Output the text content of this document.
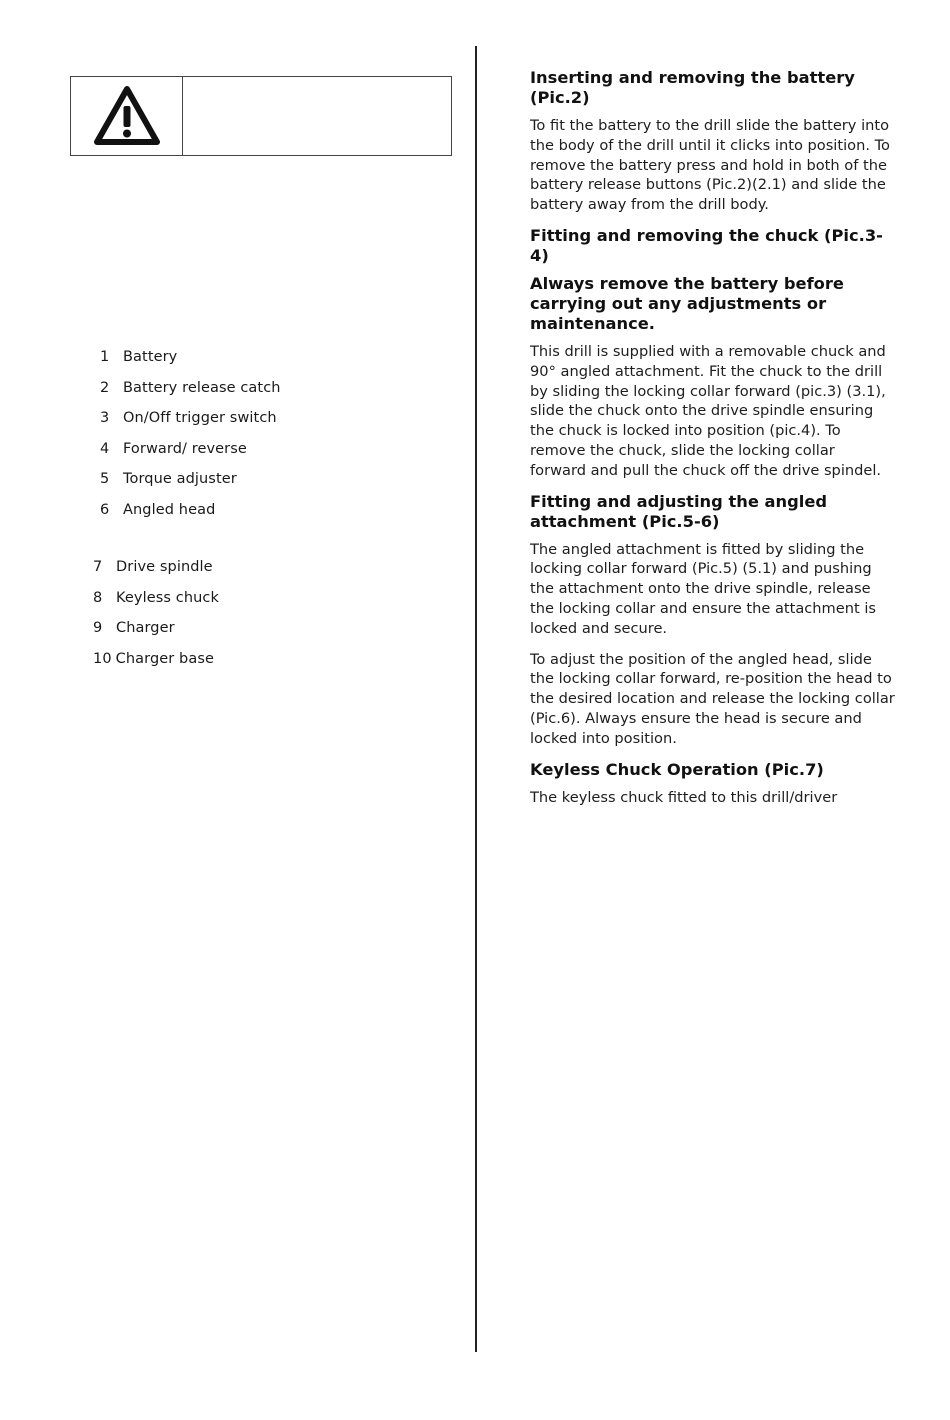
1 Battery
2 Battery release catch
3 On/Off trigger switch
4 Forward/ reverse
5 Torque adjuster
6 Angled head
7 Drive spindle
8 Keyless chuck
9 Charger
10 Charger base
Inserting and removing the battery (Pic.2)

To fit the battery to the drill slide the battery into the body of the drill until it clicks into position. To remove the battery press and hold in both of the battery release buttons (Pic.2)(2.1) and slide the battery away from the drill body.

Fitting and removing the chuck (Pic.3-4)
Always remove the battery before carrying out any adjustments or maintenance.

This drill is supplied with a removable chuck and 90° angled attachment. Fit the chuck to the drill by sliding the locking collar forward (pic.3) (3.1), slide the chuck onto the drive spindle ensuring the chuck is locked into position (pic.4). To remove the chuck, slide the locking collar forward and pull the chuck off the drive spindel.

Fitting and adjusting the angled attachment (Pic.5-6)

The angled attachment is fitted by sliding the locking collar forward (Pic.5) (5.1) and pushing the attachment onto the drive spindle, release the locking collar and ensure the attachment is locked and secure.

To adjust the position of the angled head, slide the locking collar forward, re-position the head to the desired location and release the locking collar (Pic.6). Always ensure the head is secure and locked into position.

Keyless Chuck Operation (Pic.7)

The keyless chuck fitted to this drill/driver
